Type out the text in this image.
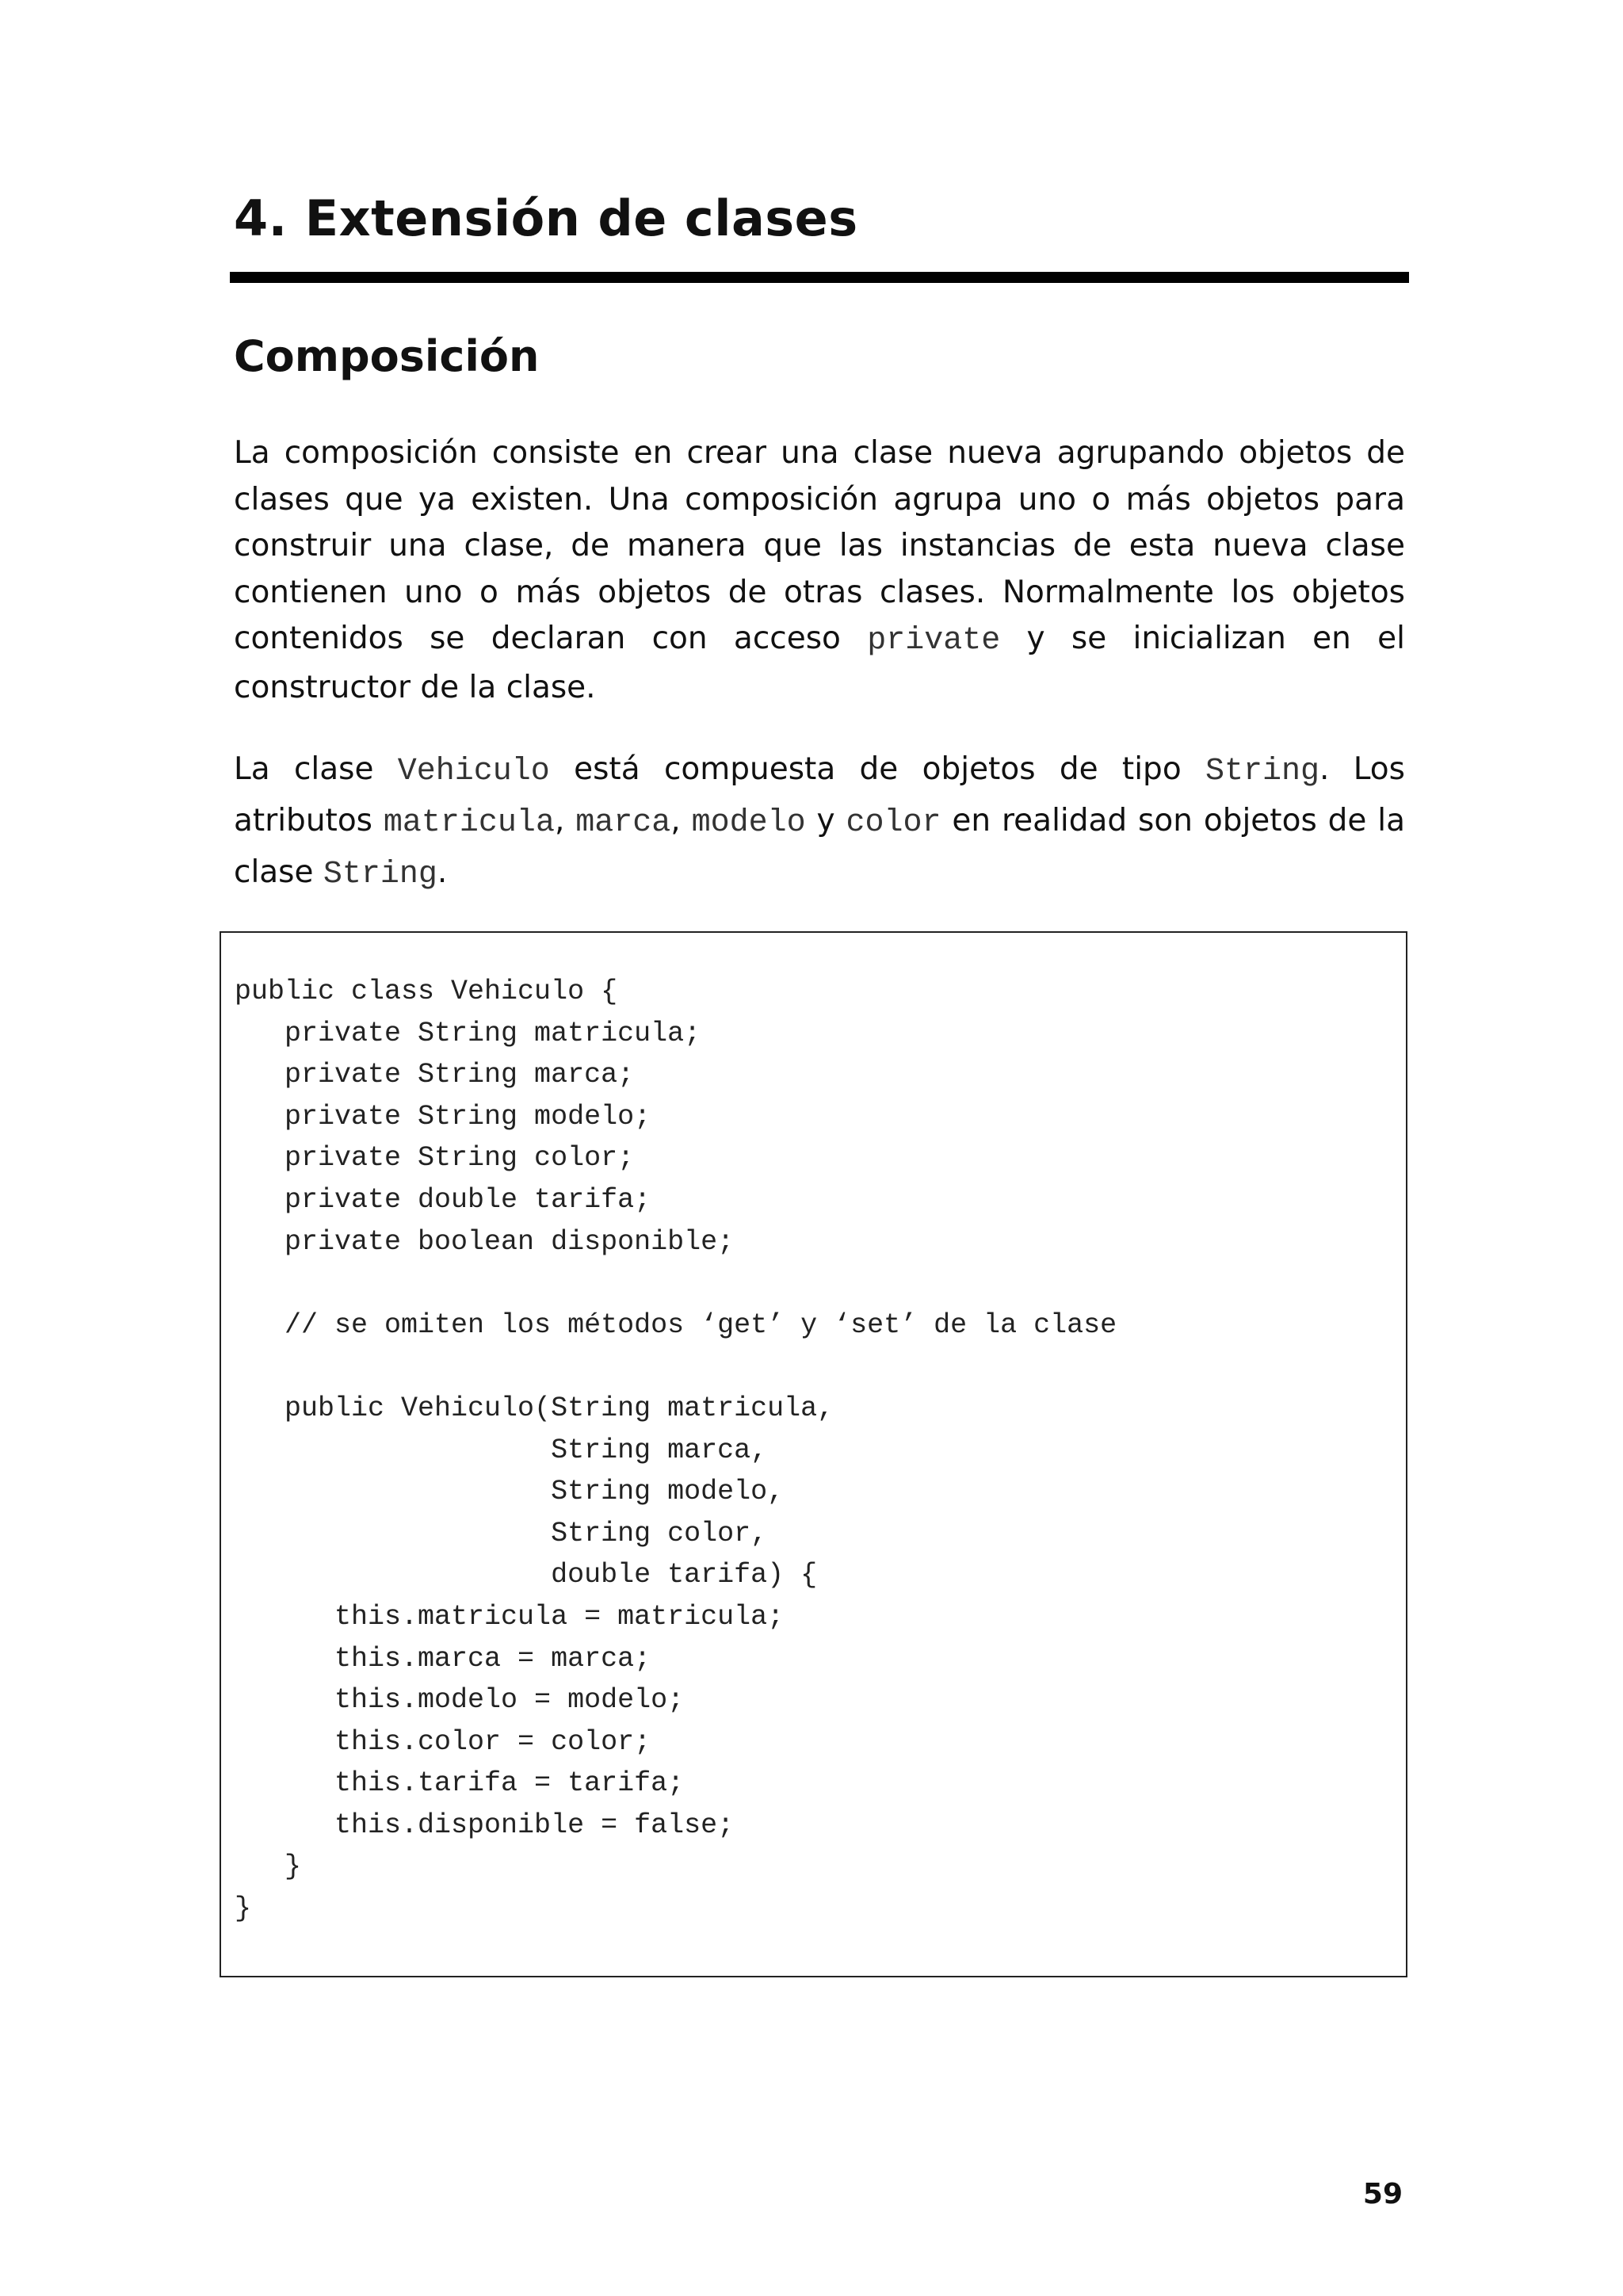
4. Extensión de clases
Composición

La composición consiste en crear una clase nueva agrupando objetos de clases que ya existen. Una composición agrupa uno o más objetos para construir una clase, de manera que las instancias de esta nueva clase contienen uno o más objetos de otras clases. Normalmente los objetos contenidos se declaran con acceso private y se inicializan en el constructor de la clase.

La clase Vehiculo está compuesta de objetos de tipo String. Los atributos matricula, marca, modelo y color en realidad son objetos de la clase String.

public class Vehiculo {
private String matricula;
private String marca;
private String modelo;
private String color;
private double tarifa;
private boolean disponible;

// se omiten los métodos ‘get’ y ‘set’ de la clase

public Vehiculo(String matricula,
String marca,
String modelo,
String color,
double tarifa) {
this.matricula = matricula;
this.marca = marca;
this.modelo = modelo;
this.color = color;
this.tarifa = tarifa;
this.disponible = false;
}
}
59
